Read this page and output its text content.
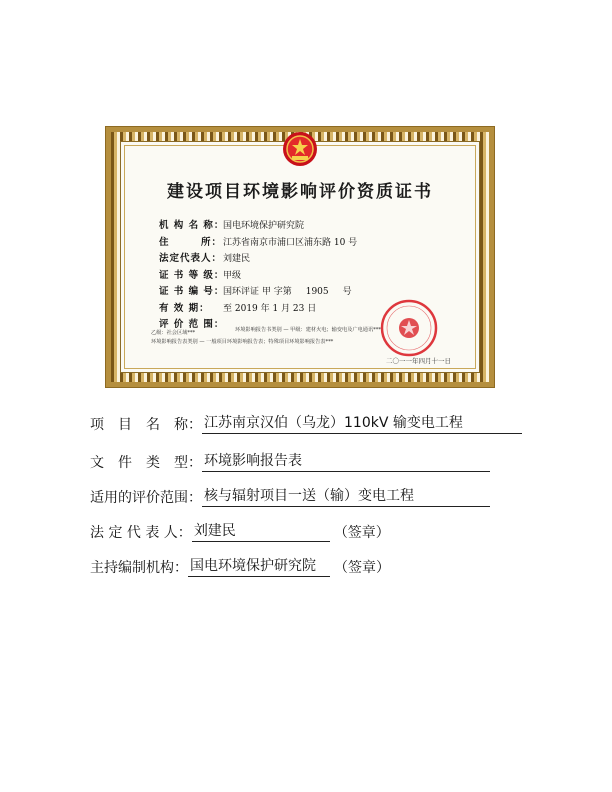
建设项目环境影响评价资质证书
机 构 名 称：国电环境保护研究院
住　　　所：江苏省南京市浦口区浦东路 10 号
法定代表人：刘建民
证 书 等 级：甲级
证 书 编 号：国环评证 甲 字第 1905 号
有 效 期： 至 2019 年 1 月 23 日
评 价 范 围：	环境影响报告书类别 — 甲级：建材火电；输变电及广电通讯***
乙级：社会区域***
环境影响报告表类别 — 一般项目环境影响报告表；特殊项目环境影响报告表***
二〇一一年四月十一日
项　目　名　称： 江苏南京汉伯（乌龙）110kV 输变电工程
文　件　类　型： 环境影响报告表
适用的评价范围： 核与辐射项目一送（输）变电工程
法 定 代 表 人： 刘建民	（签章）
主持编制机构： 国电环境保护研究院 （签章）
